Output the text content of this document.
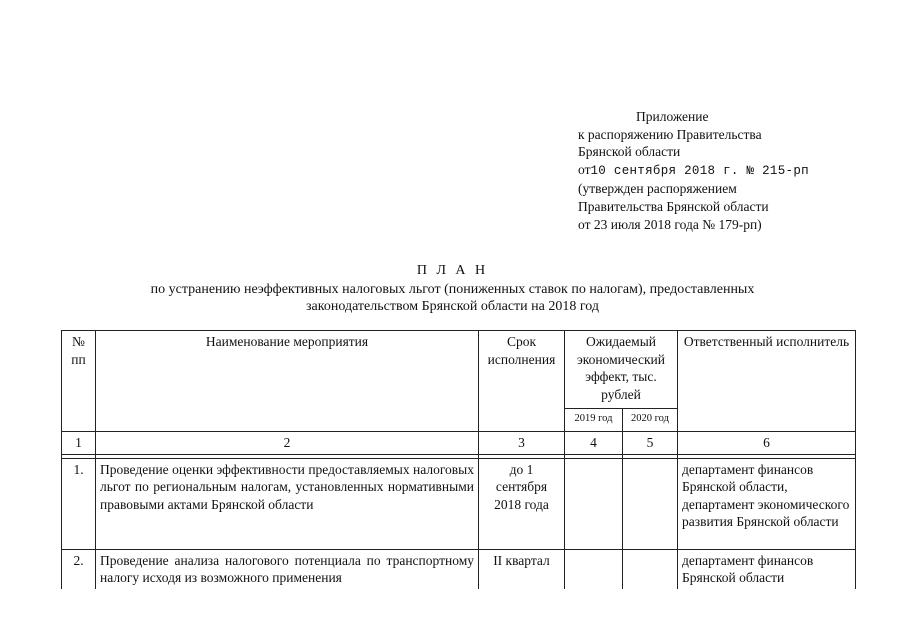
Приложение
к распоряжению Правительства
Брянской области
от10 сентября 2018 г. № 215-рп
(утвержден распоряжением
Правительства Брянской области
от 23 июля 2018 года № 179-рп)
П Л А Н
по устранению неэффективных налоговых льгот (пониженных ставок по налогам), предоставленных
законодательством Брянской области на 2018 год
№ пп	Наименование мероприятия	Срок исполнения	Ожидаемый экономический эффект, тыс. рублей		Ответственный исполнитель
			2019 год	2020 год	
1	2	3	4	5	6

1.	Проведение оценки эффективности предоставляемых налоговых льгот по региональным налогам, установленных нормативными правовыми актами Брянской области	до 1 сентября 2018 года			департамент финансов Брянской области, департамент экономического развития Брянской области
2.	Проведение анализа налогового потенциала по транспортному налогу исходя из возможного применения	II квартал			департамент финансов Брянской области
